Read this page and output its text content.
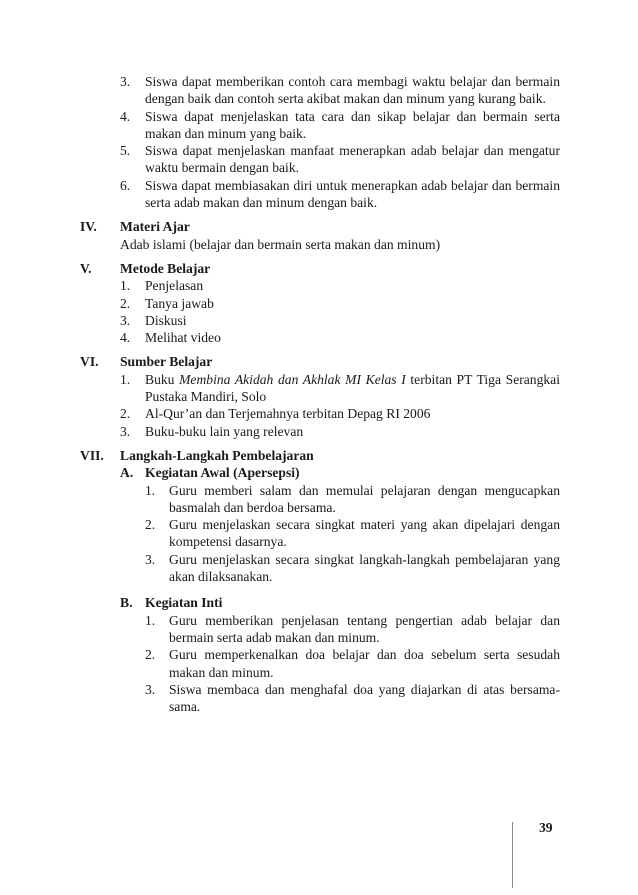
3.	Siswa dapat memberikan contoh cara membagi waktu belajar dan bermain dengan baik dan contoh serta akibat makan dan minum yang kurang baik.
4.	Siswa dapat menjelaskan tata cara dan sikap belajar dan bermain serta makan dan minum yang baik.
5.	Siswa dapat menjelaskan manfaat menerapkan adab belajar dan mengatur waktu bermain dengan baik.
6.	Siswa dapat membiasakan diri untuk menerapkan adab belajar dan bermain serta adab makan dan minum dengan baik.
IV.	Materi Ajar
Adab islami (belajar dan bermain serta makan dan minum)
V.	Metode Belajar
1.	Penjelasan
2.	Tanya jawab
3.	Diskusi
4.	Melihat video
VI.	Sumber Belajar
1.	Buku Membina Akidah dan Akhlak MI Kelas I terbitan PT Tiga Serangkai Pustaka Mandiri, Solo
2.	Al-Qur’an dan Terjemahnya terbitan Depag RI 2006
3.	Buku-buku lain yang relevan
VII.	Langkah-Langkah Pembelajaran
A. Kegiatan Awal (Apersepsi)
1.	Guru memberi salam dan memulai pelajaran dengan mengucapkan basmalah dan berdoa bersama.
2.	Guru menjelaskan secara singkat materi yang akan dipelajari dengan kompetensi dasarnya.
3.	Guru menjelaskan secara singkat langkah-langkah pembelajaran yang akan dilaksanakan.
B. Kegiatan Inti
1.	Guru memberikan penjelasan tentang pengertian adab belajar dan bermain serta adab makan dan minum.
2.	Guru memperkenalkan doa belajar dan doa sebelum serta sesudah makan dan minum.
3.	Siswa membaca dan menghafal doa yang diajarkan di atas bersama-sama.
39
